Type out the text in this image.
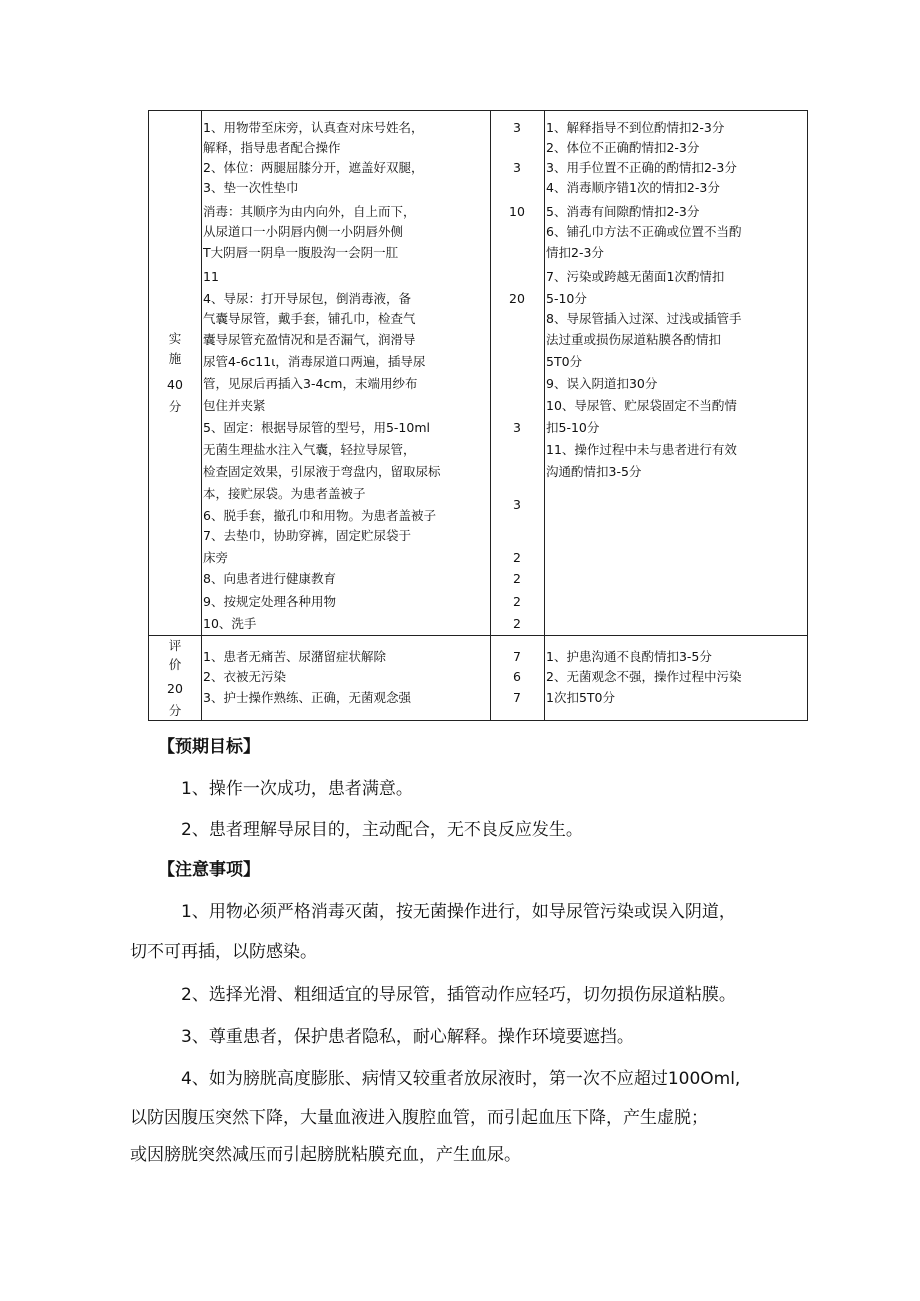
实
施
40
分
1、用物带至床旁，认真查对床号姓名，
解释，指导患者配合操作
2、体位：两腿屈膝分开，遮盖好双腿，
3、垫一次性垫巾
消毒：其顺序为由内向外，自上而下，
从尿道口一小阴唇内侧一小阴唇外侧
T大阴唇一阴阜一腹股沟一会阴一肛
11
4、导尿：打开导尿包，倒消毒液，备
气囊导尿管，戴手套，铺孔巾，检查气
囊导尿管充盈情况和是否漏气，润滑导
尿管4-6c11ι，消毒尿道口两遍，插导尿
管，见尿后再插入3-4cm，末端用纱布
包住并夹紧
5、固定：根据导尿管的型号，用5-10ml
无菌生理盐水注入气囊，轻拉导尿管，
检查固定效果，引尿液于弯盘内，留取尿标
本，接贮尿袋。为患者盖被子
6、脱手套，撤孔巾和用物。为患者盖被子
7、去垫巾，协助穿裤，固定贮尿袋于
床旁
8、向患者进行健康教育
9、按规定处理各种用物
10、洗手
3
3
10
20
3
3
2
2
2
2
1、解释指导不到位酌情扣2-3分
2、体位不正确酌情扣2-3分
3、用手位置不正确的酌情扣2-3分
4、消毒顺序错1次的情扣2-3分
5、消毒有间隙酌情扣2-3分
6、铺孔巾方法不正确或位置不当酌
情扣2-3分
7、污染或跨越无菌面1次酌情扣
5-10分
8、导尿管插入过深、过浅或插管手
法过重或损伤尿道粘膜各酌情扣
5T0分
9、误入阴道扣30分
10、导尿管、贮尿袋固定不当酌情
扣5-10分
11、操作过程中未与患者进行有效
沟通酌情扣3-5分
评
价
20
分
1、患者无痛苦、尿潴留症状解除
2、衣被无污染
3、护士操作熟练、正确，无菌观念强
7
6
7
1、护患沟通不良酌情扣3-5分
2、无菌观念不强，操作过程中污染
1次扣5T0分
【预期目标】
1、操作一次成功，患者满意。
2、患者理解导尿目的，主动配合，无不良反应发生。
【注意事项】
1、用物必须严格消毒灭菌，按无菌操作进行，如导尿管污染或误入阴道，
切不可再插，以防感染。
2、选择光滑、粗细适宜的导尿管，插管动作应轻巧，切勿损伤尿道粘膜。
3、尊重患者，保护患者隐私，耐心解释。操作环境要遮挡。
4、如为膀胱高度膨胀、病情又较重者放尿液时，第一次不应超过100Oml,
以防因腹压突然下降，大量血液进入腹腔血管，而引起血压下降，产生虚脱；
或因膀胱突然减压而引起膀胱粘膜充血，产生血尿。
